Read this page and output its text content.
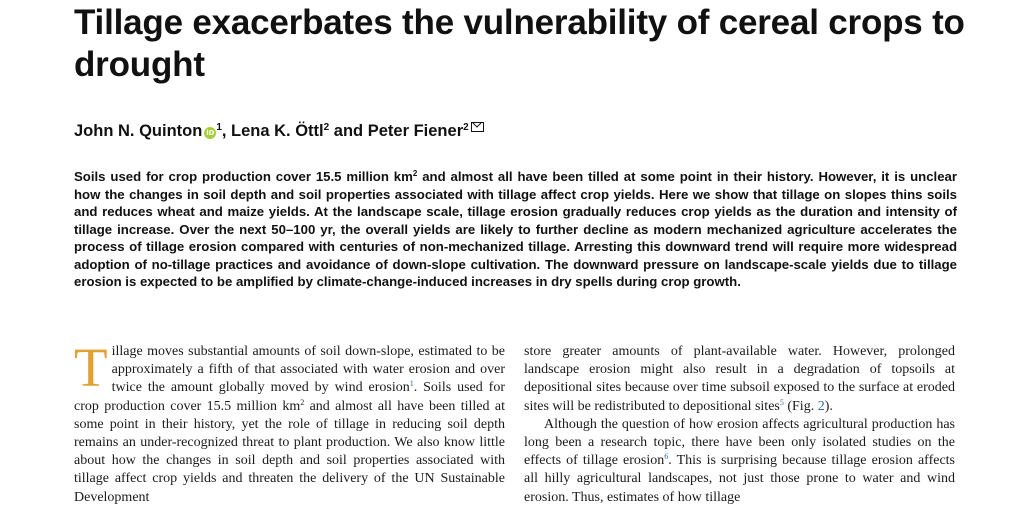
Tillage exacerbates the vulnerability of cereal crops to drought
John N. Quinton iD $^1$, Lena K. Öttl$^2$ and Peter Fiener$^2$

Soils used for crop production cover 15.5 million $km^2$ and almost all have been tilled at some point in their history. However, it is unclear how the changes in soil depth and soil properties associated with tillage affect crop yields. Here we show that tillage on slopes thins soils and reduces wheat and maize yields. At the landscape scale, tillage erosion gradually reduces crop yields as the duration and intensity of tillage increase. Over the next 50–100 yr, the overall yields are likely to further decline as modern mechanized agriculture accelerates the process of tillage erosion compared with centuries of non-mechanized tillage. Arresting this downward trend will require more widespread adoption of no-tillage practices and avoidance of down-slope cultivation. The downward pressure on landscape-scale yields due to tillage erosion is expected to be amplified by climate-change-induced increases in dry spells during crop growth.

Tillage moves substantial amounts of soil down-slope, estimated to be approximately a fifth of that associated with water erosion and over twice the amount globally moved by wind erosion$^1$. Soils used for crop production cover 15.5 million $km^2$ and almost all have been tilled at some point in their history, yet the role of tillage in reducing soil depth remains an under-recognized threat to plant production. We also know little about how the changes in soil depth and soil properties associated with tillage affect crop yields and threaten the delivery of the UN Sustainable Development

store greater amounts of plant-available water. However, prolonged landscape erosion might also result in a degradation of topsoils at depositional sites because over time subsoil exposed to the surface at eroded sites will be redistributed to depositional sites$^5$ (Fig. 2).

Although the question of how erosion affects agricultural production has long been a research topic, there have been only isolated studies on the effects of tillage erosion$^6$. This is surprising because tillage erosion affects all hilly agricultural landscapes, not just those prone to water and wind erosion. Thus, estimates of how tillage
